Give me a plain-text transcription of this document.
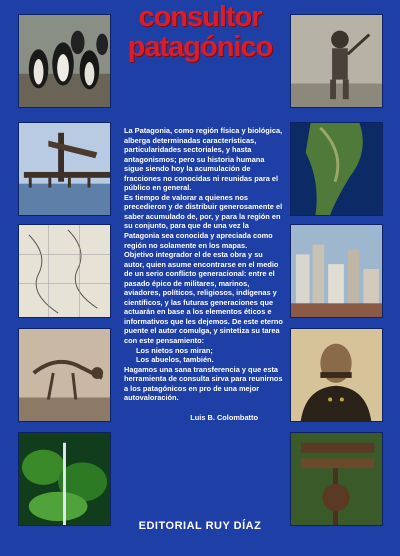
consultor
patagónico

La Patagonia, como región física y biológica, alberga determinadas características, particularidades sectoriales, y hasta antagonismos; pero su historia humana sigue siendo hoy la acumulación de fracciones no conocidas ni reunidas para el público en general.

Es tiempo de valorar a quienes nos precedieron y de distribuir generosamente el saber acumulado de, por, y para la región en su conjunto, para que de una vez la Patagonia sea conocida y apreciada como región no solamente en los mapas.

Objetivo integrador el de esta obra y su autor, quien asume encontrarse en el medio de un serio conflicto generacional: entre el pasado épico de militares, marinos, aviadores, políticos, religiosos, indígenas y científicos, y las futuras generaciones que actuarán en base a los elementos éticos e informativos que les dejemos. De este eterno puente el autor comulga, y sintetiza su tarea con este pensamiento:

Los nietos nos miran;

Los abuelos, también.

Hagamos una sana transferencia y que esta herramienta de consulta sirva para reunirnos a los patagónicos en pro de una mejor autovaloración.

Luis B. Colombatto

EDITORIAL RUY DÍAZ
